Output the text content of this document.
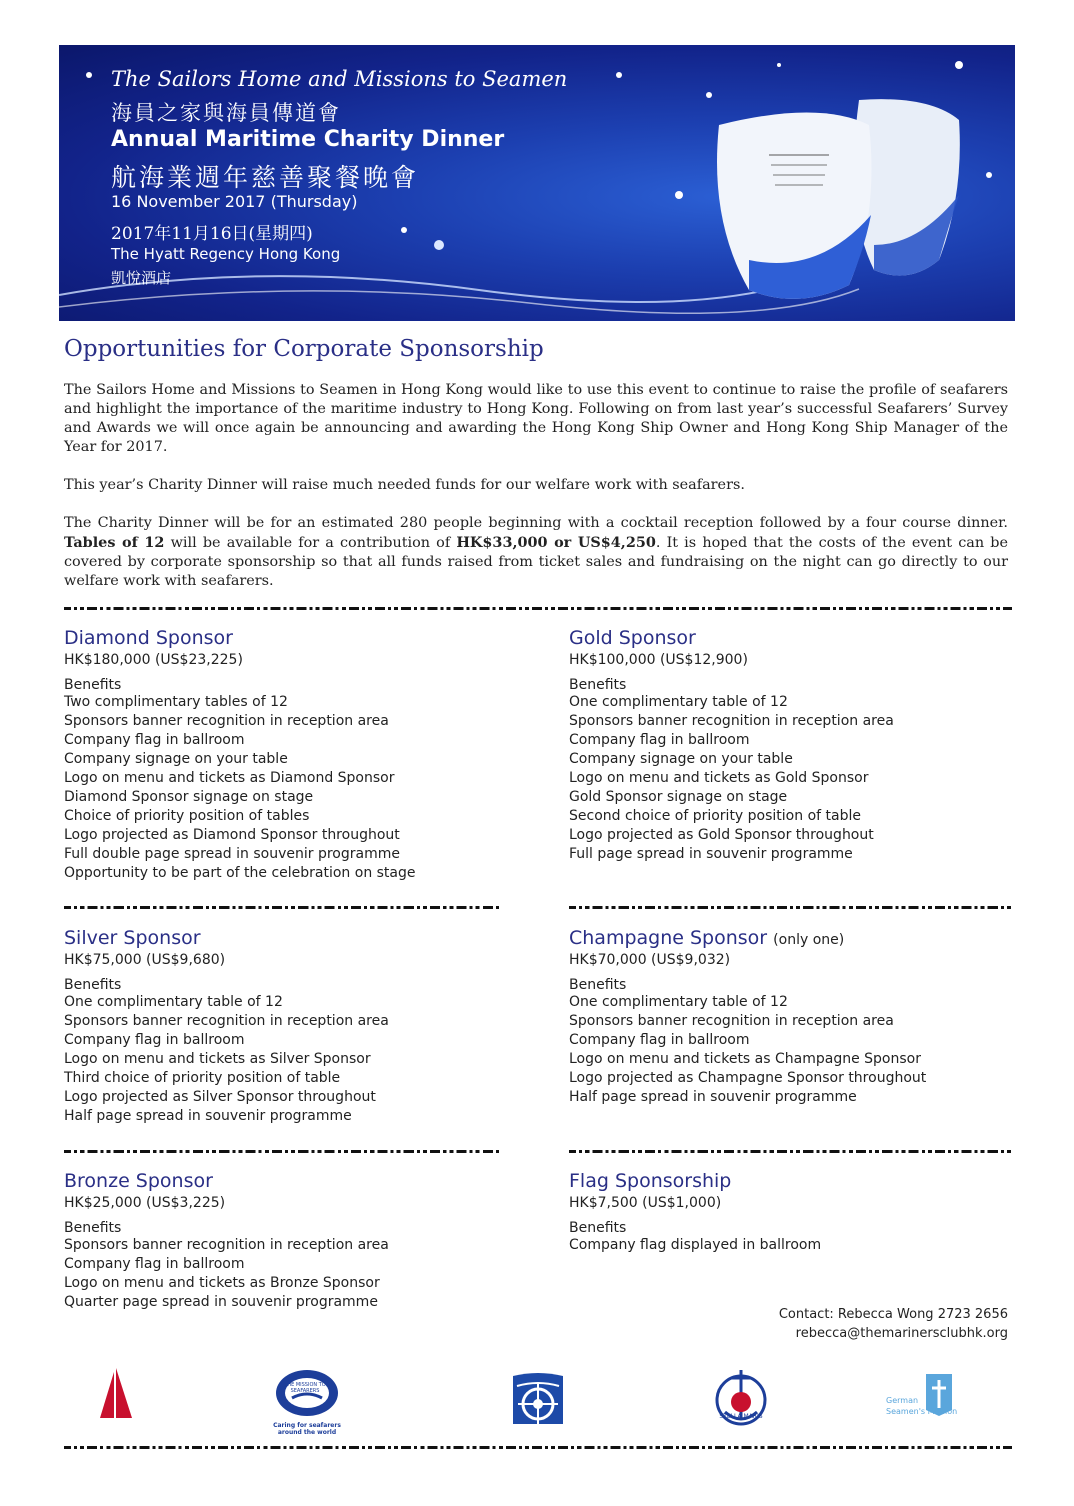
The Sailors Home and Missions to Seamen
海員之家與海員傳道會
Annual Maritime Charity Dinner
航海業週年慈善聚餐晚會
16 November 2017 (Thursday)
2017年11月16日(星期四)
The Hyatt Regency Hong Kong
凱悅酒店
Opportunities for Corporate Sponsorship
The Sailors Home and Missions to Seamen in Hong Kong would like to use this event to continue to raise the profile of seafarers and highlight the importance of the maritime industry to Hong Kong. Following on from last year’s successful Seafarers’ Survey and Awards we will once again be announcing and awarding the Hong Kong Ship Owner and Hong Kong Ship Manager of the Year for 2017.
This year’s Charity Dinner will raise much needed funds for our welfare work with seafarers.
The Charity Dinner will be for an estimated 280 people beginning with a cocktail reception followed by a four course dinner. Tables of 12 will be available for a contribution of HK$33,000 or US$4,250. It is hoped that the costs of the event can be covered by corporate sponsorship so that all funds raised from ticket sales and fundraising on the night can go directly to our welfare work with seafarers.
Diamond Sponsor
HK$180,000 (US$23,225)
Benefits
Two complimentary tables of 12
Sponsors banner recognition in reception area
Company flag in ballroom
Company signage on your table
Logo on menu and tickets as Diamond Sponsor
Diamond Sponsor signage on stage
Choice of priority position of tables
Logo projected as Diamond Sponsor throughout
Full double page spread in souvenir programme
Opportunity to be part of the celebration on stage
Gold Sponsor
HK$100,000 (US$12,900)
Benefits
One complimentary table of 12
Sponsors banner recognition in reception area
Company flag in ballroom
Company signage on your table
Logo on menu and tickets as Gold Sponsor
Gold Sponsor signage on stage
Second choice of priority position of table
Logo projected as Gold Sponsor throughout
Full page spread in souvenir programme
Silver Sponsor
HK$75,000 (US$9,680)
Benefits
One complimentary table of 12
Sponsors banner recognition in reception area
Company flag in ballroom
Logo on menu and tickets as Silver Sponsor
Third choice of priority position of table
Logo projected as Silver Sponsor throughout
Half page spread in souvenir programme
Champagne Sponsor (only one)
HK$70,000 (US$9,032)
Benefits
One complimentary table of 12
Sponsors banner recognition in reception area
Company flag in ballroom
Logo on menu and tickets as Champagne Sponsor
Logo projected as Champagne Sponsor throughout
Half page spread in souvenir programme
Bronze Sponsor
HK$25,000 (US$3,225)
Benefits
Sponsors banner recognition in reception area
Company flag in ballroom
Logo on menu and tickets as Bronze Sponsor
Quarter page spread in souvenir programme
Flag Sponsorship
HK$7,500 (US$1,000)
Benefits
Company flag displayed in ballroom
Contact: Rebecca Wong 2723 2656
rebecca@themarinersclubhk.org
THE MISSION TO SEAFARERS
Caring for seafarers
around the world
STELLA MARIS
German
Seamen's Mission
